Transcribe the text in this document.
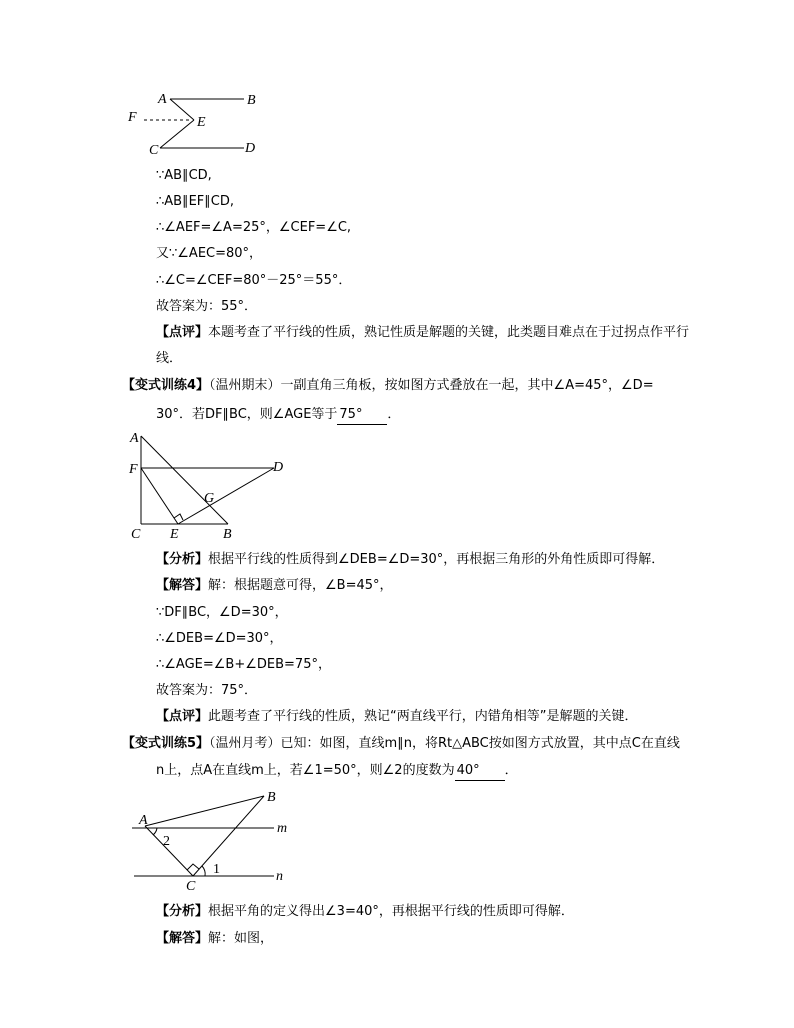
A	B
F	E
C	D
∵AB∥CD,
∴AB∥EF∥CD,
∴∠AEF=∠A=25°，∠CEF=∠C,
又∵∠AEC=80°，
∴∠C=∠CEF=80°－25°＝55°．
故答案为：55°．
【点评】本题考查了平行线的性质，熟记性质是解题的关键，此类题目难点在于过拐点作平行
线．
【变式训练4】（温州期末）一副直角三角板，按如图方式叠放在一起，其中∠A=45°，∠D=
30°．若DF∥BC，则∠AGE等于 75° ．
A
F	D
G
C E	B
【分析】根据平行线的性质得到∠DEB=∠D=30°，再根据三角形的外角性质即可得解．
【解答】解：根据题意可得，∠B=45°，
∵DF∥BC，∠D=30°，
∴∠DEB=∠D=30°，
∴∠AGE=∠B+∠DEB=75°，
故答案为：75°．
【点评】此题考查了平行线的性质，熟记“两直线平行，内错角相等”是解题的关键．
【变式训练5】（温州月考）已知：如图，直线m∥n，将Rt△ABC按如图方式放置，其中点C在直线
n上，点A在直线m上，若∠1=50°，则∠2的度数为 40° ．
A
B
m
n
C
2
1
【分析】根据平角的定义得出∠3=40°，再根据平行线的性质即可得解．
【解答】解：如图，
